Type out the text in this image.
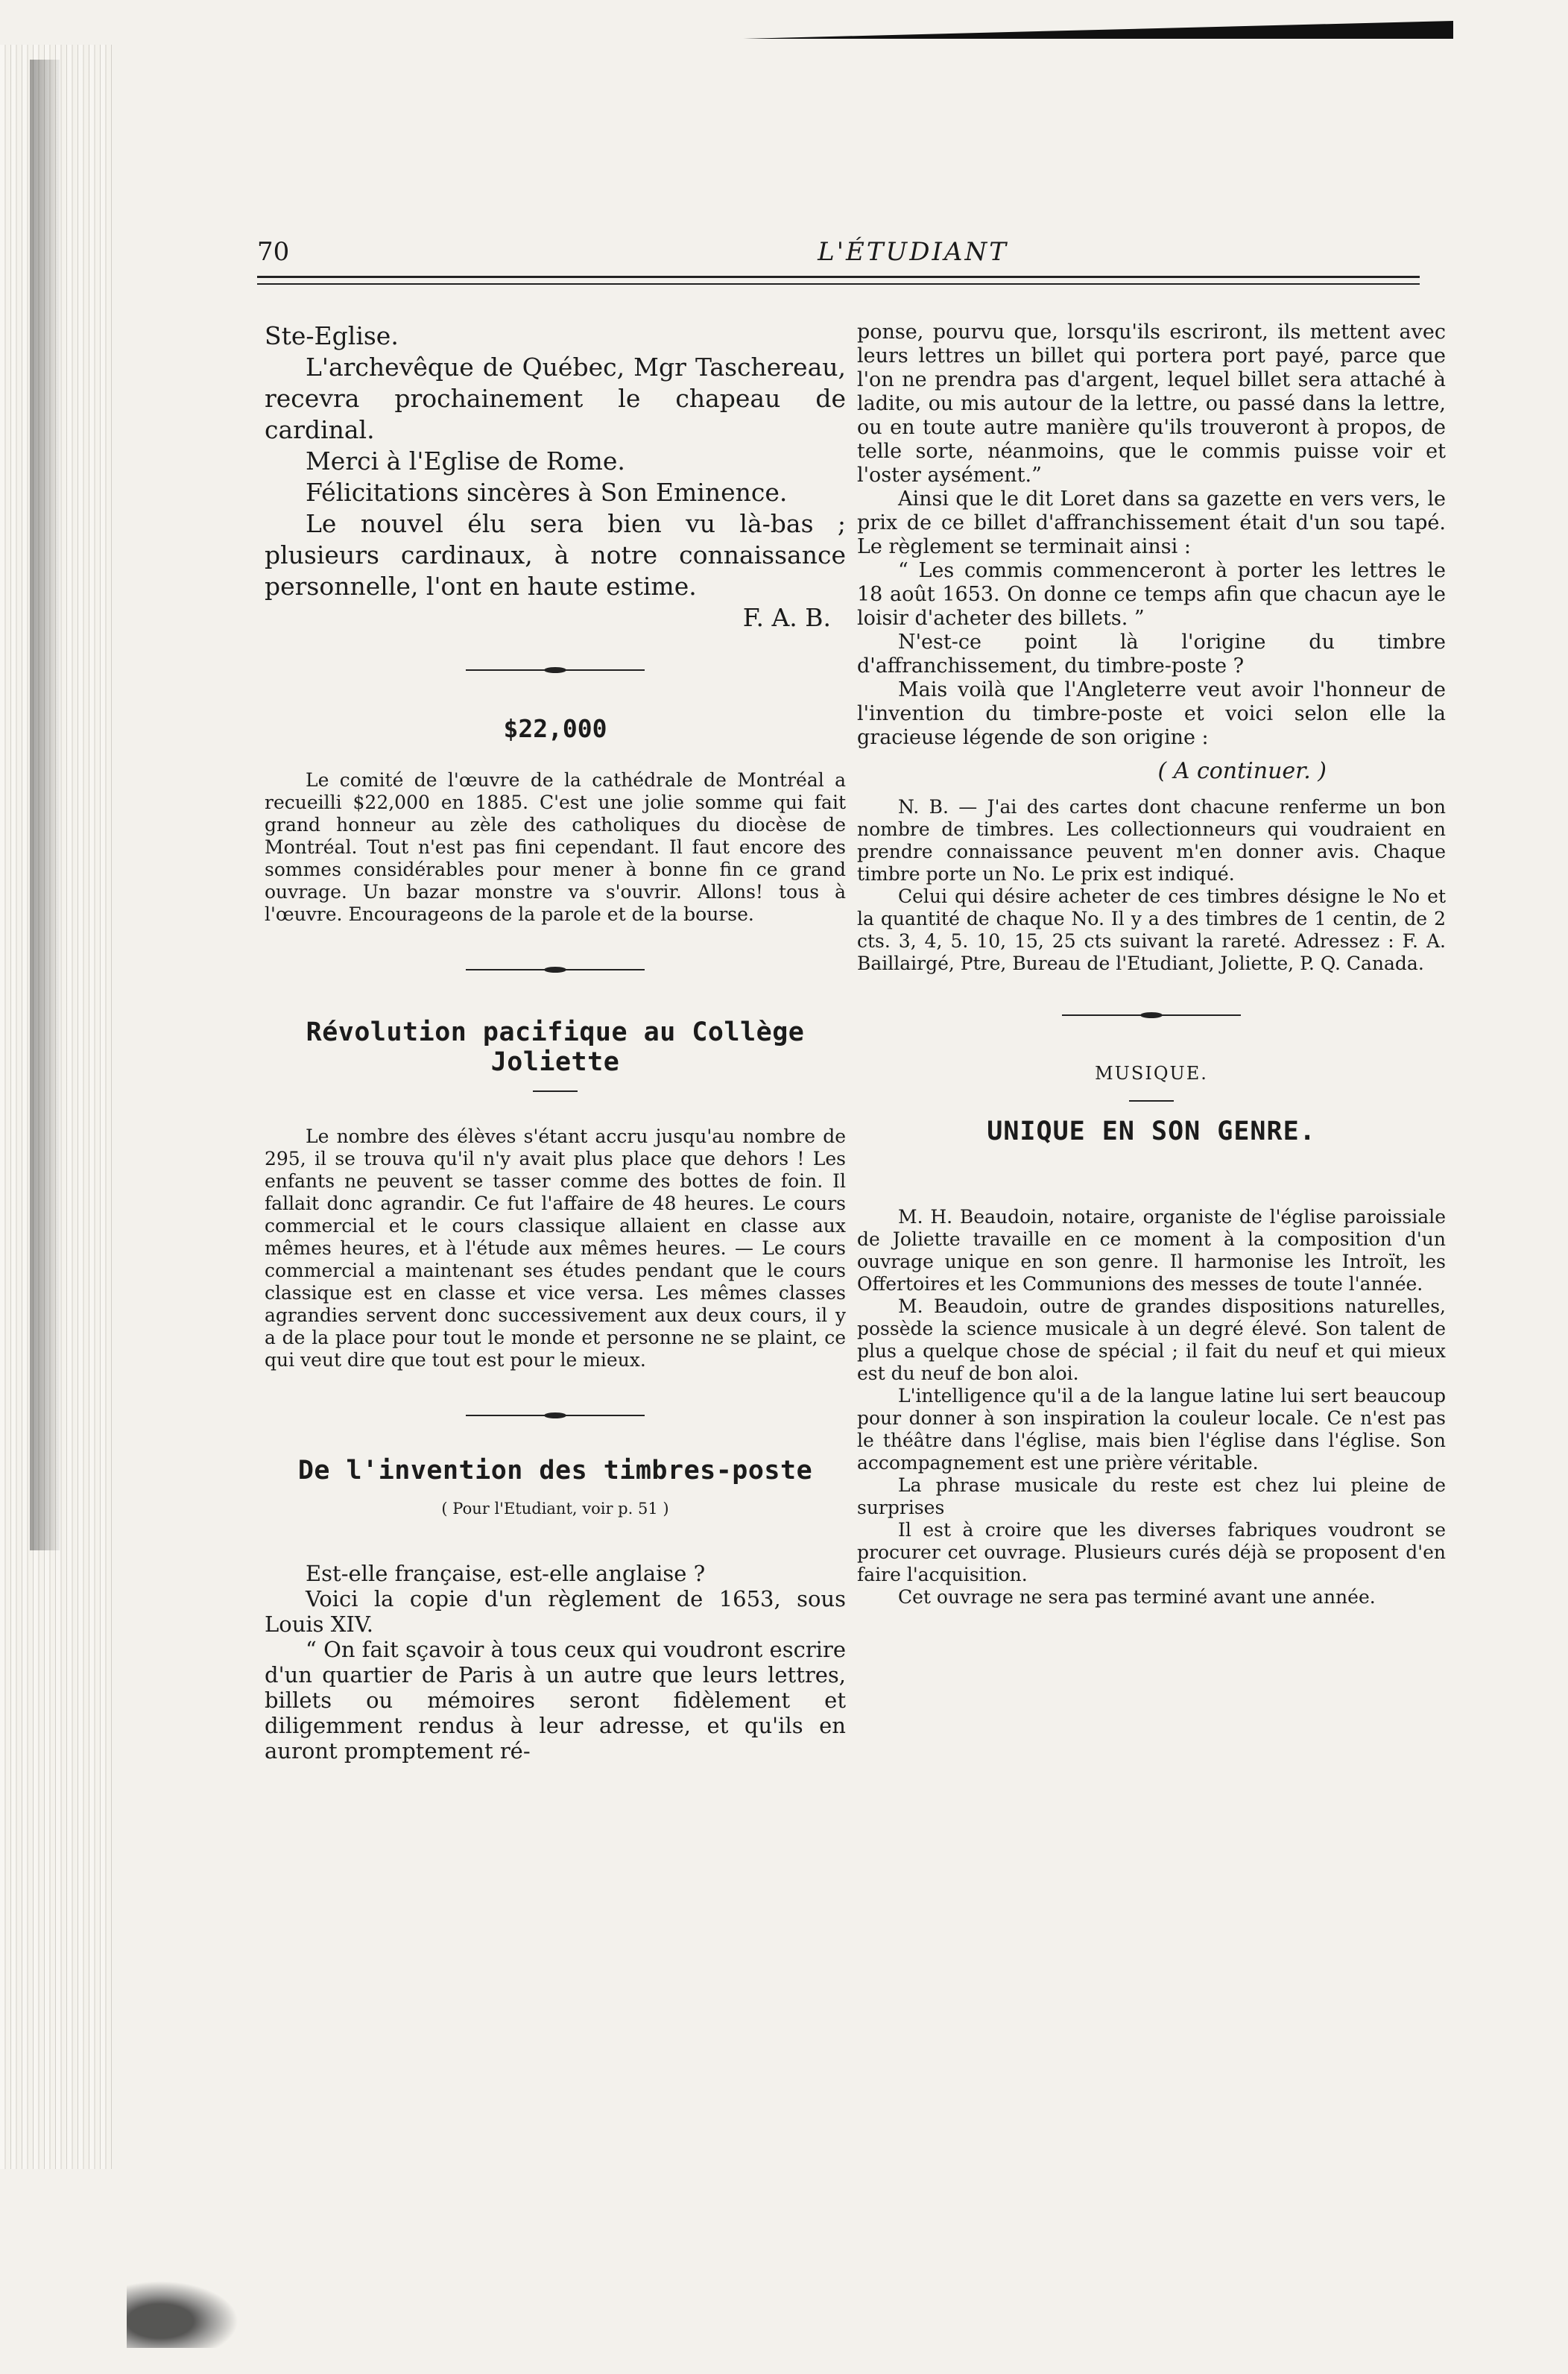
70	L'ÉTUDIANT

Ste-Eglise.

L'archevêque de Québec, Mgr Taschereau, recevra prochainement le chapeau de cardinal.

Merci à l'Eglise de Rome.

Félicitations sincères à Son Eminence.

Le nouvel élu sera bien vu là-bas ; plusieurs cardinaux, à notre connaissance personnelle, l'ont en haute estime.

F. A. B.

$22,000

Le comité de l'œuvre de la cathédrale de Montréal a recueilli $22,000 en 1885. C'est une jolie somme qui fait grand honneur au zèle des catholiques du diocèse de Montréal. Tout n'est pas fini cependant. Il faut encore des sommes considérables pour mener à bonne fin ce grand ouvrage. Un bazar monstre va s'ouvrir. Allons! tous à l'œuvre. Encourageons de la parole et de la bourse.

Révolution pacifique au Collège Joliette

Le nombre des élèves s'étant accru jusqu'au nombre de 295, il se trouva qu'il n'y avait plus place que dehors ! Les enfants ne peuvent se tasser comme des bottes de foin. Il fallait donc agrandir. Ce fut l'affaire de 48 heures. Le cours commercial et le cours classique allaient en classe aux mêmes heures, et à l'étude aux mêmes heures. — Le cours commercial a maintenant ses études pendant que le cours classique est en classe et vice versa. Les mêmes classes agrandies servent donc successivement aux deux cours, il y a de la place pour tout le monde et personne ne se plaint, ce qui veut dire que tout est pour le mieux.

De l'invention des timbres-poste

( Pour l'Etudiant, voir p. 51 )

Est-elle française, est-elle anglaise ?

Voici la copie d'un règlement de 1653, sous Louis XIV.

“ On fait sçavoir à tous ceux qui voudront escrire d'un quartier de Paris à un autre que leurs lettres, billets ou mémoires seront fidèlement et diligemment rendus à leur adresse, et qu'ils en auront promptement ré-

ponse, pourvu que, lorsqu'ils escriront, ils mettent avec leurs lettres un billet qui portera port payé, parce que l'on ne prendra pas d'argent, lequel billet sera attaché à ladite, ou mis autour de la lettre, ou passé dans la lettre, ou en toute autre manière qu'ils trouveront à propos, de telle sorte, néanmoins, que le commis puisse voir et l'oster aysément.”

Ainsi que le dit Loret dans sa gazette en vers vers, le prix de ce billet d'affranchissement était d'un sou tapé. Le règlement se terminait ainsi :

“ Les commis commenceront à porter les lettres le 18 août 1653. On donne ce temps afin que chacun aye le loisir d'acheter des billets. ”

N'est-ce point là l'origine du timbre d'affranchissement, du timbre-poste ?

Mais voilà que l'Angleterre veut avoir l'honneur de l'invention du timbre-poste et voici selon elle la gracieuse légende de son origine :

( A continuer. )

N. B. — J'ai des cartes dont chacune renferme un bon nombre de timbres. Les collectionneurs qui voudraient en prendre connaissance peuvent m'en donner avis. Chaque timbre porte un No. Le prix est indiqué.

Celui qui désire acheter de ces timbres désigne le No et la quantité de chaque No. Il y a des timbres de 1 centin, de 2 cts. 3, 4, 5. 10, 15, 25 cts suivant la rareté. Adressez : F. A. Baillairgé, Ptre, Bureau de l'Etudiant, Joliette, P. Q. Canada.

MUSIQUE.

UNIQUE EN SON GENRE.

M. H. Beaudoin, notaire, organiste de l'église paroissiale de Joliette travaille en ce moment à la composition d'un ouvrage unique en son genre. Il harmonise les Introït, les Offertoires et les Communions des messes de toute l'année.

M. Beaudoin, outre de grandes dispositions naturelles, possède la science musicale à un degré élevé. Son talent de plus a quelque chose de spécial ; il fait du neuf et qui mieux est du neuf de bon aloi.

L'intelligence qu'il a de la langue latine lui sert beaucoup pour donner à son inspiration la couleur locale. Ce n'est pas le théâtre dans l'église, mais bien l'église dans l'église. Son accompagnement est une prière véritable.

La phrase musicale du reste est chez lui pleine de surprises

Il est à croire que les diverses fabriques voudront se procurer cet ouvrage. Plusieurs curés déjà se proposent d'en faire l'acquisition.

Cet ouvrage ne sera pas terminé avant une année.
